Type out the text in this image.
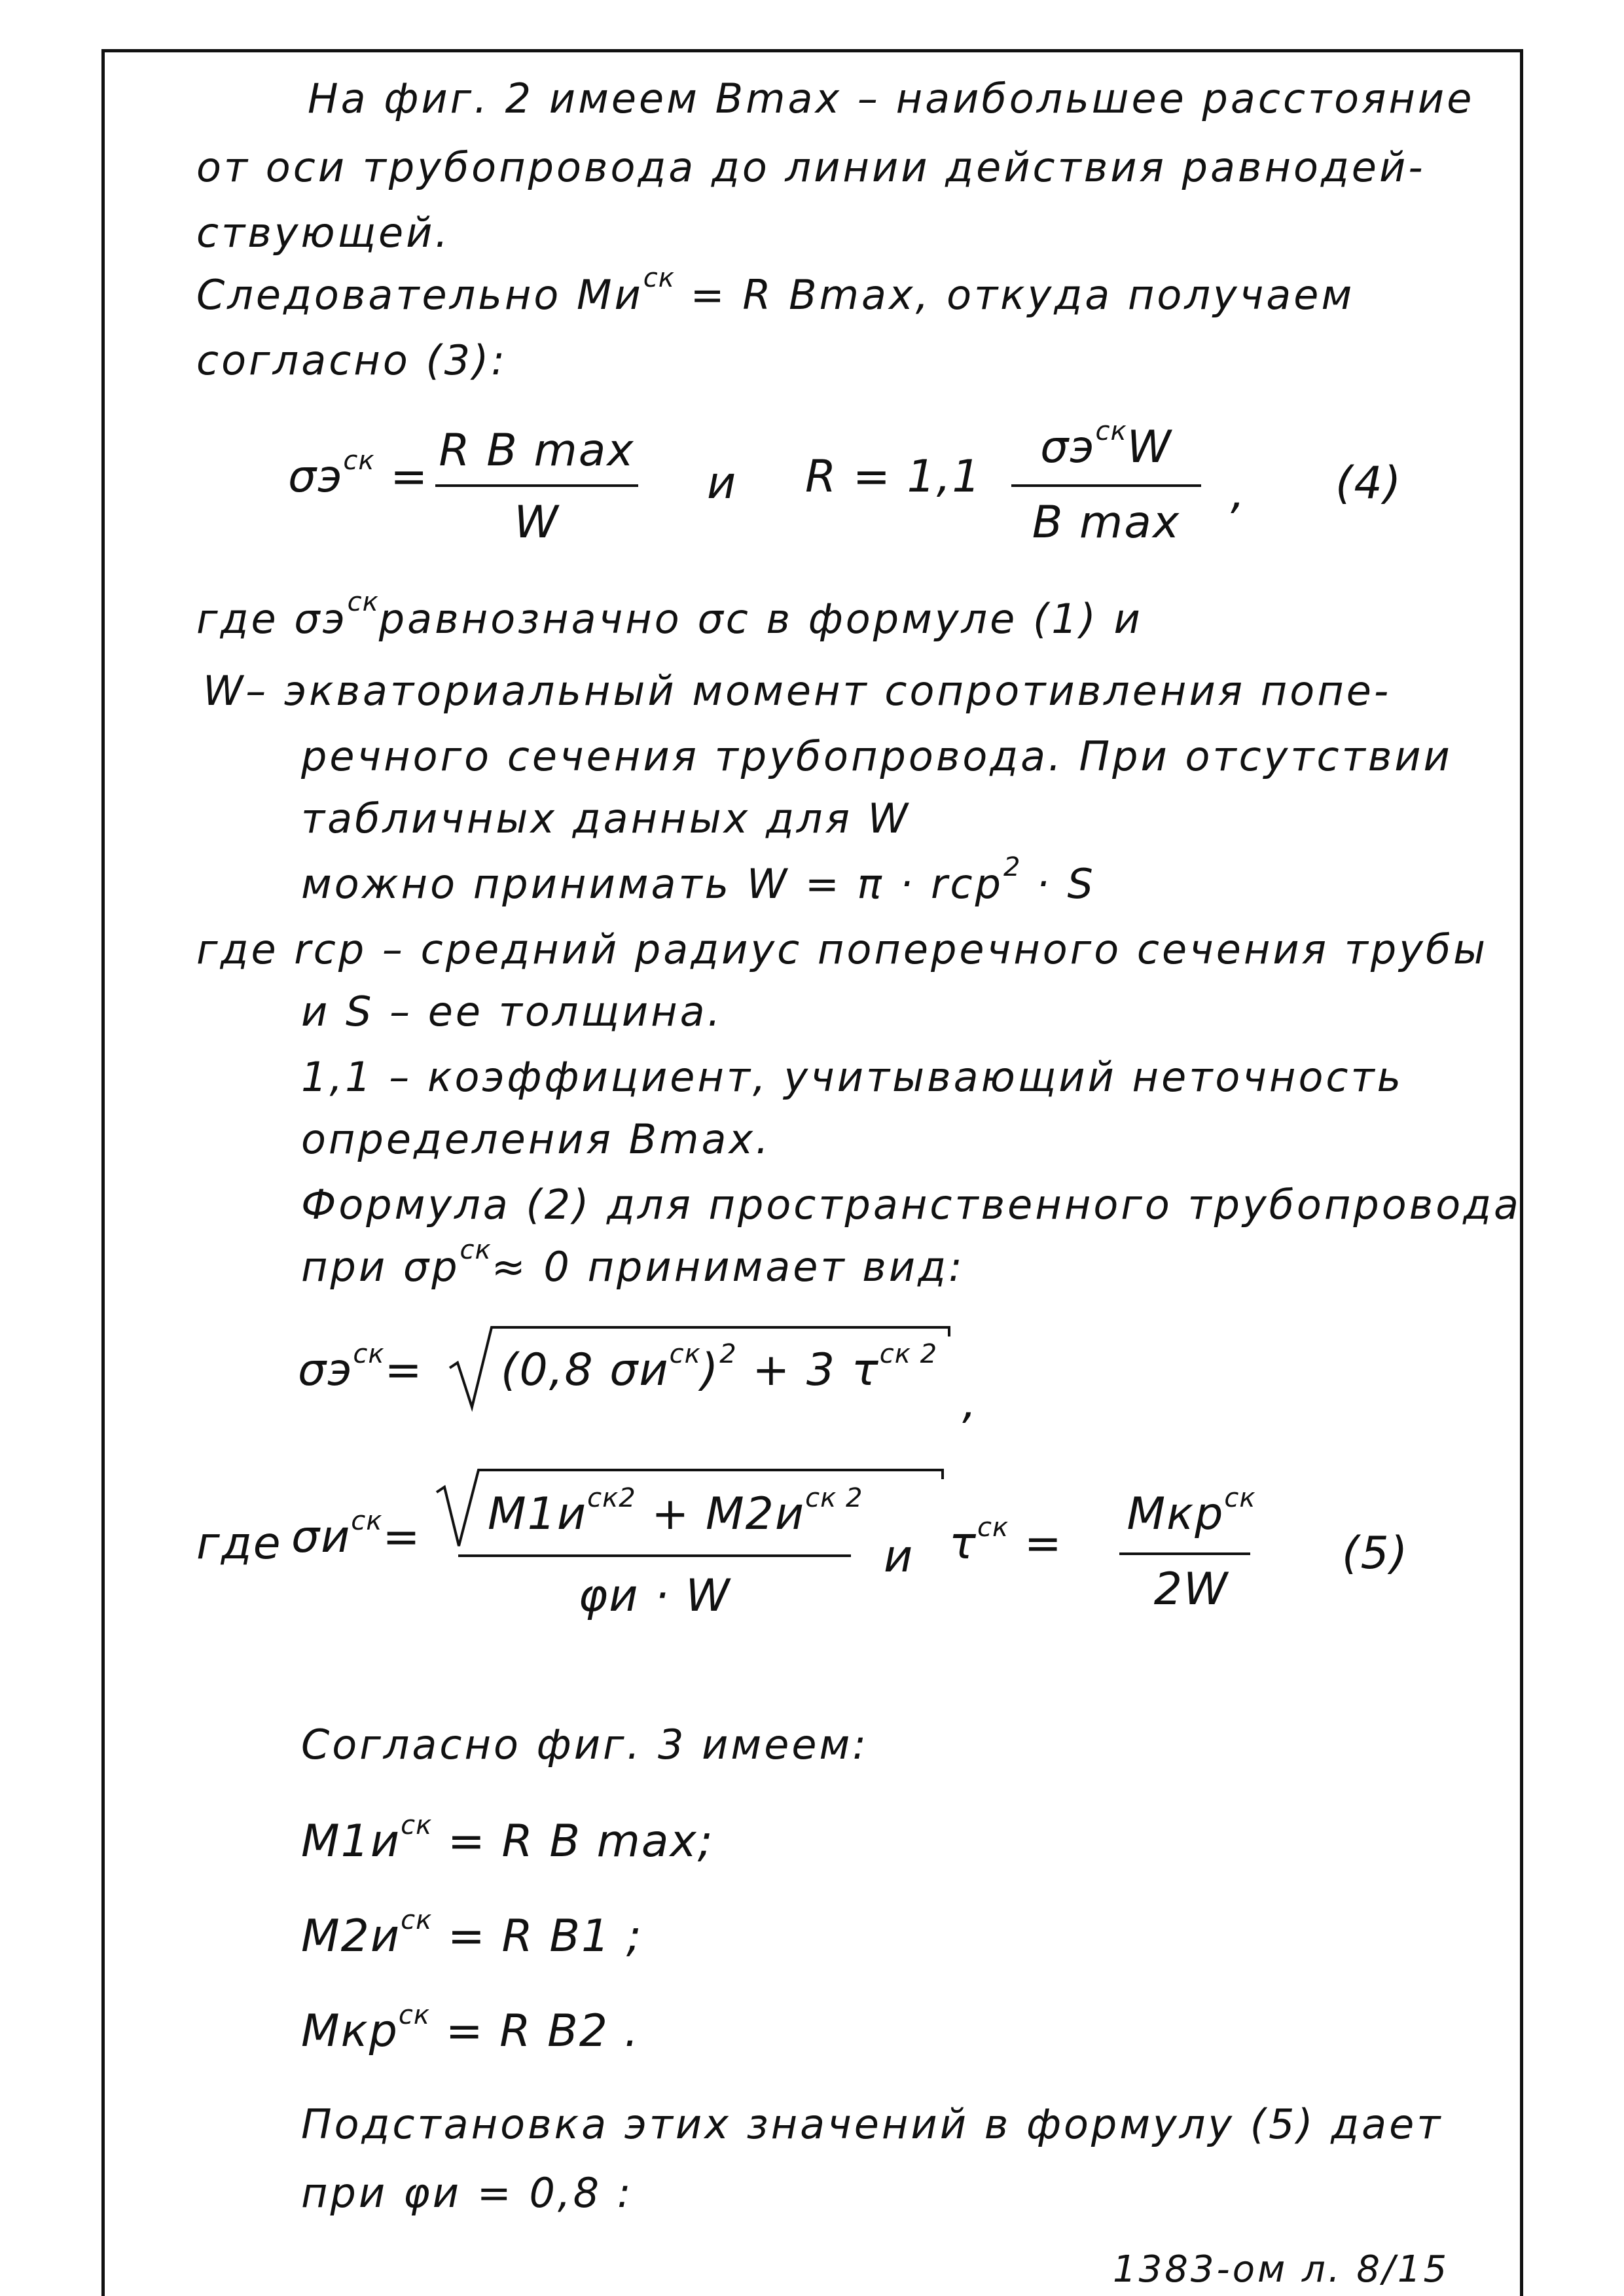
На фиг. 2 имеем Bmax – наибольшее расстояние
от оси трубопровода до линии действия равнодей-
ствующей.
Следовательно $Mи^{ск} = R$ Bmax, откуда получаем
согласно (3):
$\sigma э^{ск}$ =
R B max
W
и R = 1,1
$\sigma э^{ск}W$
B max
, (4)
где $\sigma э^{ск}равнозначно$ σc в формуле (1) и
W– экваториальный момент сопротивления попе-
речного сечения трубопровода. При отсутствии
табличных данных для W
можно принимать W = π · rср$^2$ · S
где rср – средний радиус поперечного сечения трубы
и S – ее толщина.
1,1 – коэффициент, учитывающий неточность
определения Bmax.
Формула (2) для пространственного трубопровода
при $\sigma р^{ск}\approx 0$ принимает вид:
$\sigma э^{ск}= (0,8$ $\sigma и^{ск})^2 + 3$ $\tau^{ск 2}$
,
где $\sigma и^{ск}= M1и^{ск2} + M2и^{ск 2}$
φи · W
и $\tau^{ск}$ =
Mкр$^{ск}$
2W
(5)
Согласно фиг. 3 имеем:
$M1и^{ск} = R$ B max;
$M2и^{ск} = R$ B1 ;
Mкр$^{ск}$ = R B2 .
Подстановка этих значений в формулу (5) дает
при φи = 0,8 :
1383-ом л. 8/15
